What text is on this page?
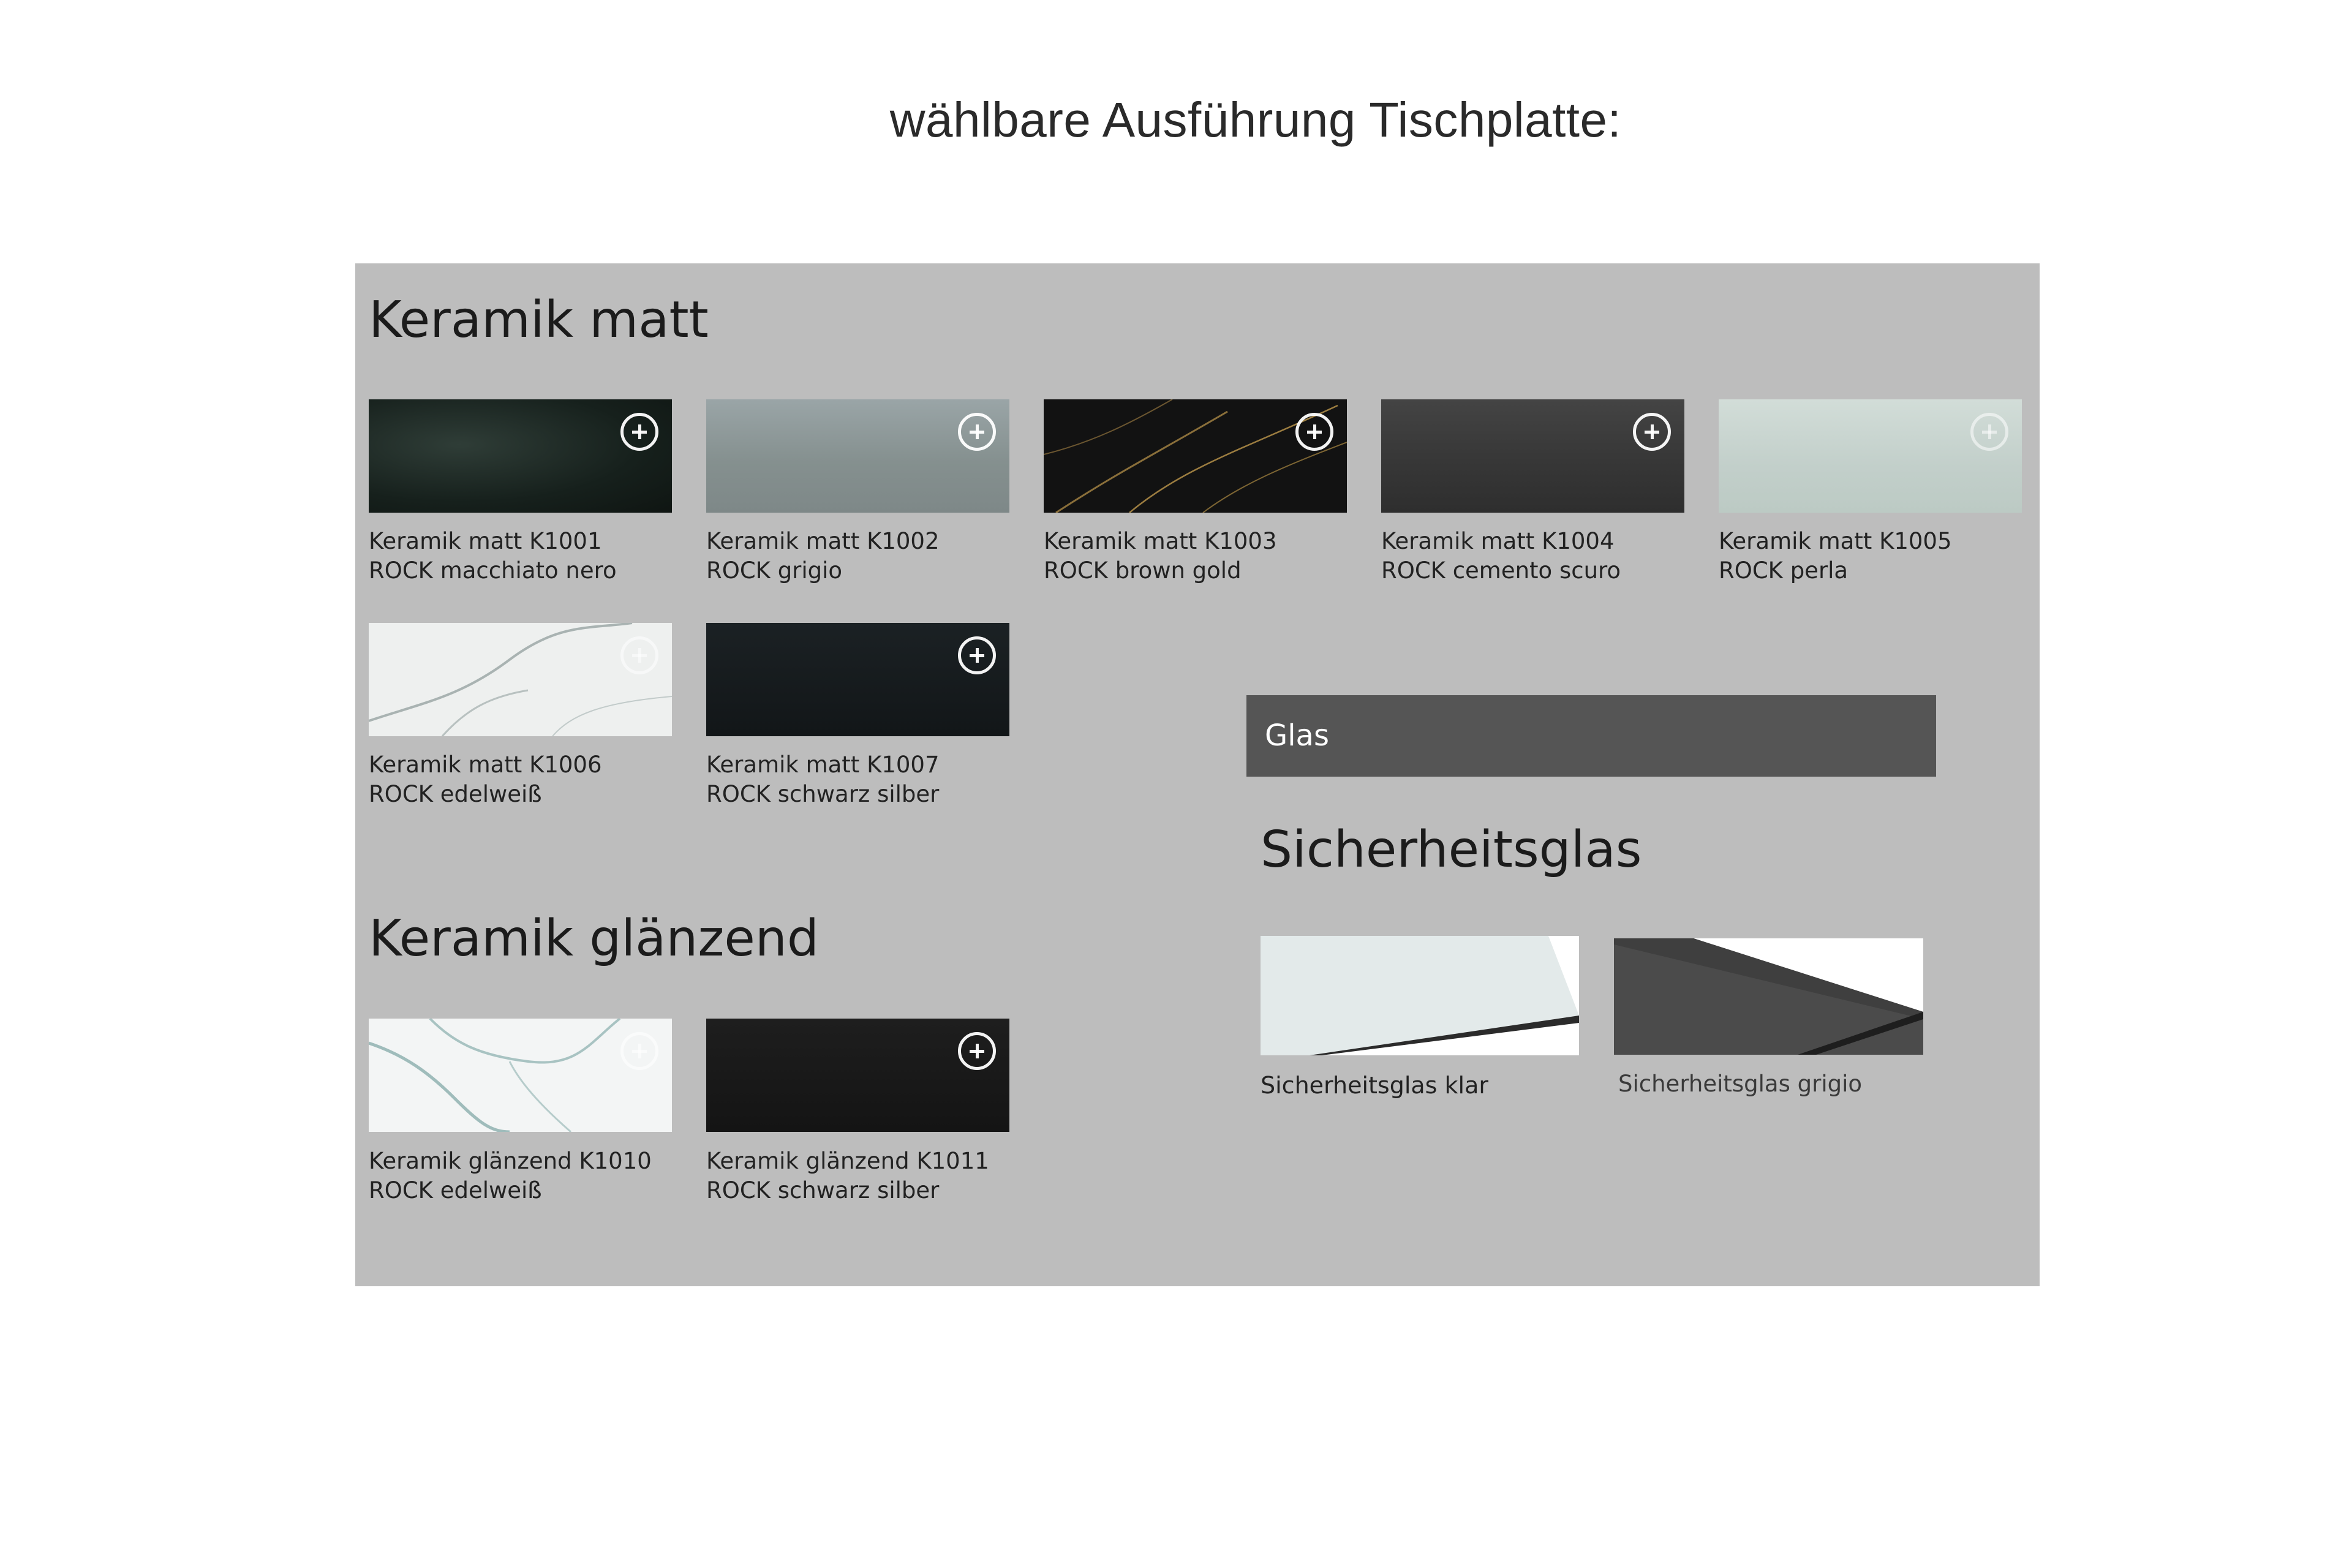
wählbare Ausführung Tischplatte:
Keramik matt
Keramik matt K1001
ROCK macchiato nero
Keramik matt K1002
ROCK grigio
Keramik matt K1003
ROCK brown gold
Keramik matt K1004
ROCK cemento scuro
Keramik matt K1005
ROCK perla
Keramik matt K1006
ROCK edelweiß
Keramik matt K1007
ROCK schwarz silber
Keramik glänzend
Keramik glänzend K1010
ROCK edelweiß
Keramik glänzend K1011
ROCK schwarz silber
Glas
Sicherheitsglas
Sicherheitsglas klar	Sicherheitsglas grigio
